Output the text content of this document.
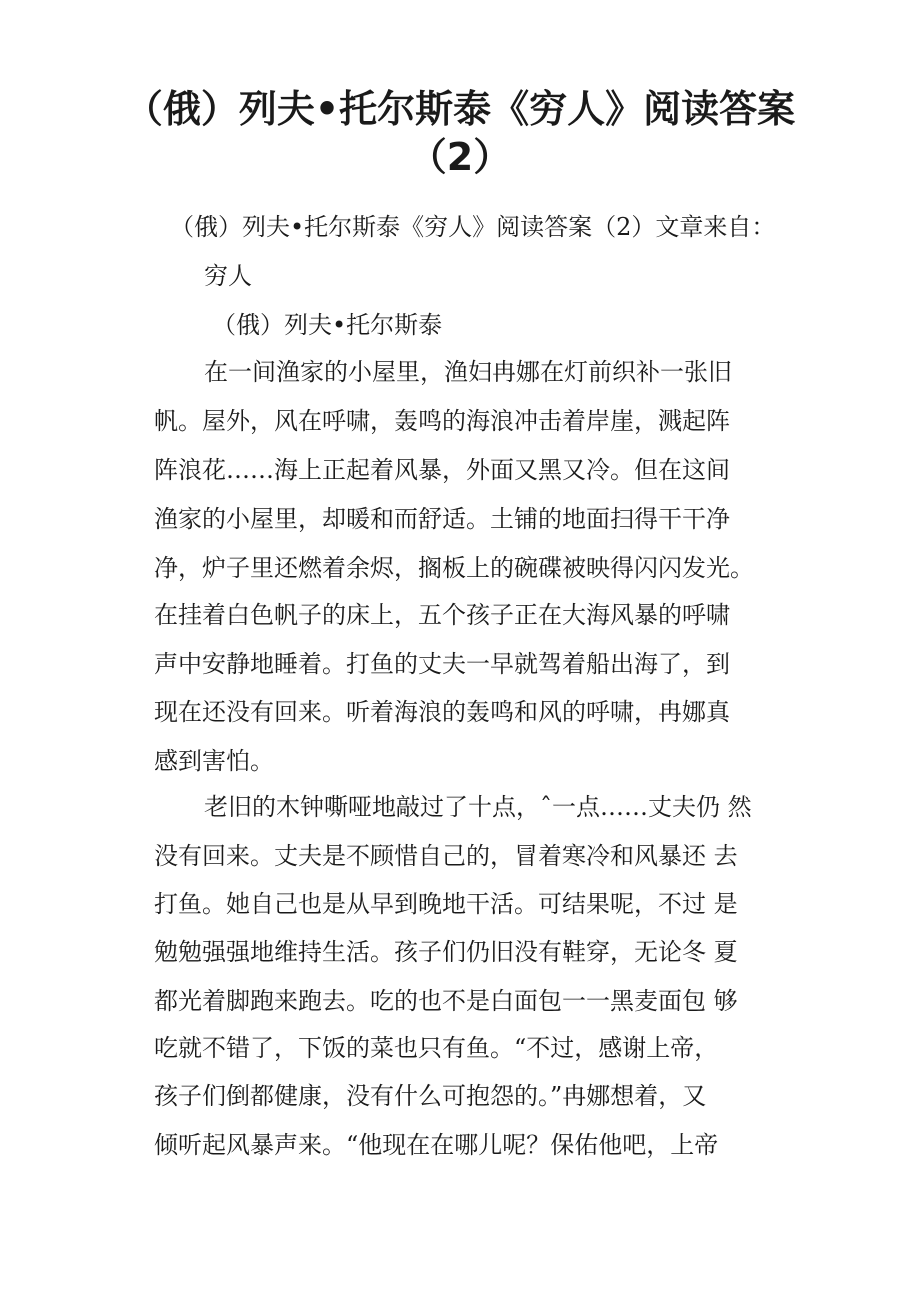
（俄）列夫•托尔斯泰《穷人》阅读答案
（2）
（俄）列夫•托尔斯泰《穷人》阅读答案（2）文章来自：
穷人
（俄）列夫•托尔斯泰
在一间渔家的小屋里，渔妇冉娜在灯前织补一张旧
帆。屋外，风在呼啸，轰鸣的海浪冲击着岸崖，溅起阵
阵浪花……海上正起着风暴，外面又黑又冷。但在这间
渔家的小屋里，却暖和而舒适。土铺的地面扫得干干净
净，炉子里还燃着余烬，搁板上的碗碟被映得闪闪发光。
在挂着白色帆子的床上，五个孩子正在大海风暴的呼啸
声中安静地睡着。打鱼的丈夫一早就驾着船出海了，到
现在还没有回来。听着海浪的轰鸣和风的呼啸，冉娜真
感到害怕。
老旧的木钟嘶哑地敲过了十点，ˆ一点……丈夫仍 然
没有回来。丈夫是不顾惜自己的，冒着寒冷和风暴还 去
打鱼。她自己也是从早到晚地干活。可结果呢，不过 是
勉勉强强地维持生活。孩子们仍旧没有鞋穿，无论冬 夏
都光着脚跑来跑去。吃的也不是白面包一一黑麦面包 够
吃就不错了，下饭的菜也只有鱼。“不过，感谢上帝，
孩子们倒都健康，没有什么可抱怨的。”冉娜想着，又
倾听起风暴声来。“他现在在哪儿呢？保佑他吧，上帝
